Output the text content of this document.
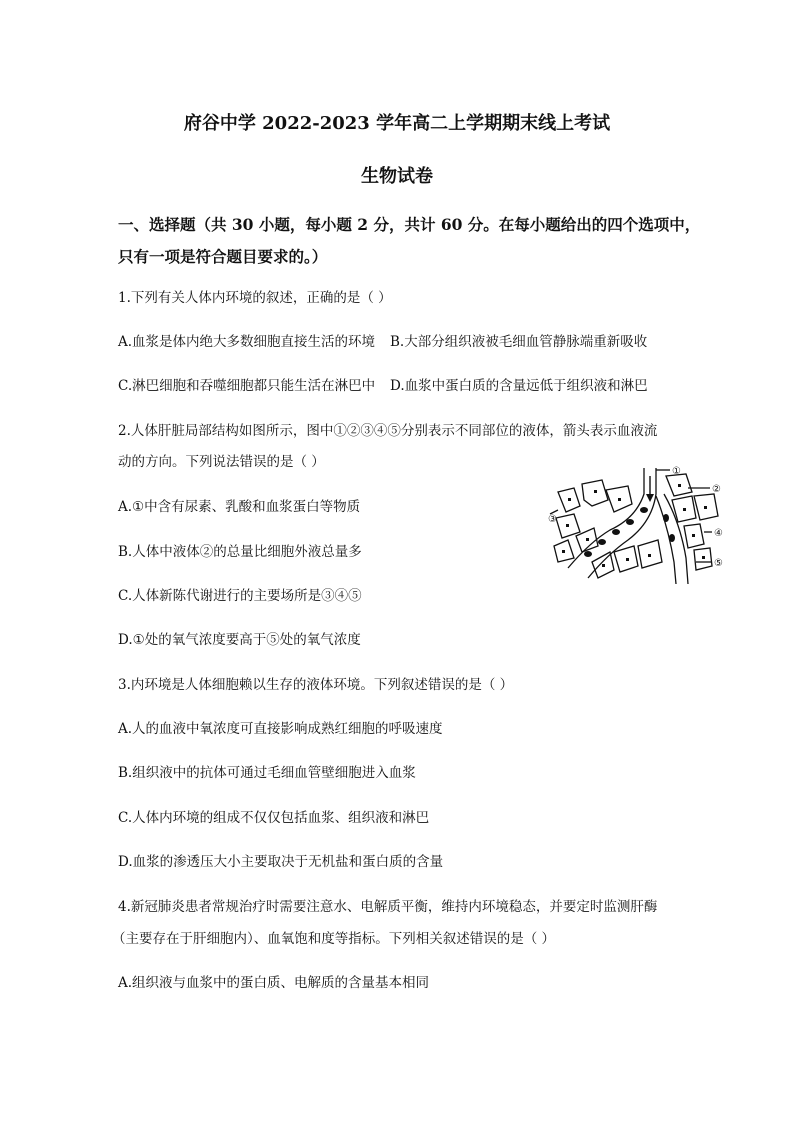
府谷中学 2022-2023 学年高二上学期期末线上考试
生物试卷
一、选择题（共 30 小题，每小题 2 分，共计 60 分。在每小题给出的四个选项中，
只有一项是符合题目要求的。）
1.下列有关人体内环境的叙述，正确的是（ ）
A.血浆是体内绝大多数细胞直接生活的环境 B.大部分组织液被毛细血管静脉端重新吸收
C.淋巴细胞和吞噬细胞都只能生活在淋巴中 D.血浆中蛋白质的含量远低于组织液和淋巴
2.人体肝脏局部结构如图所示，图中①②③④⑤分别表示不同部位的液体，箭头表示血液流
动的方向。下列说法错误的是（ ）
A.①中含有尿素、乳酸和血浆蛋白等物质
B.人体中液体②的总量比细胞外液总量多
C.人体新陈代谢进行的主要场所是③④⑤
D.①处的氧气浓度要高于⑤处的氧气浓度
①
②
③
④
⑤
3.内环境是人体细胞赖以生存的液体环境。下列叙述错误的是（ ）
A.人的血液中氧浓度可直接影响成熟红细胞的呼吸速度
B.组织液中的抗体可通过毛细血管壁细胞进入血浆
C.人体内环境的组成不仅仅包括血浆、组织液和淋巴
D.血浆的渗透压大小主要取决于无机盐和蛋白质的含量
4.新冠肺炎患者常规治疗时需要注意水、电解质平衡，维持内环境稳态，并要定时监测肝酶
（主要存在于肝细胞内）、血氧饱和度等指标。下列相关叙述错误的是（ ）
A.组织液与血浆中的蛋白质、电解质的含量基本相同
